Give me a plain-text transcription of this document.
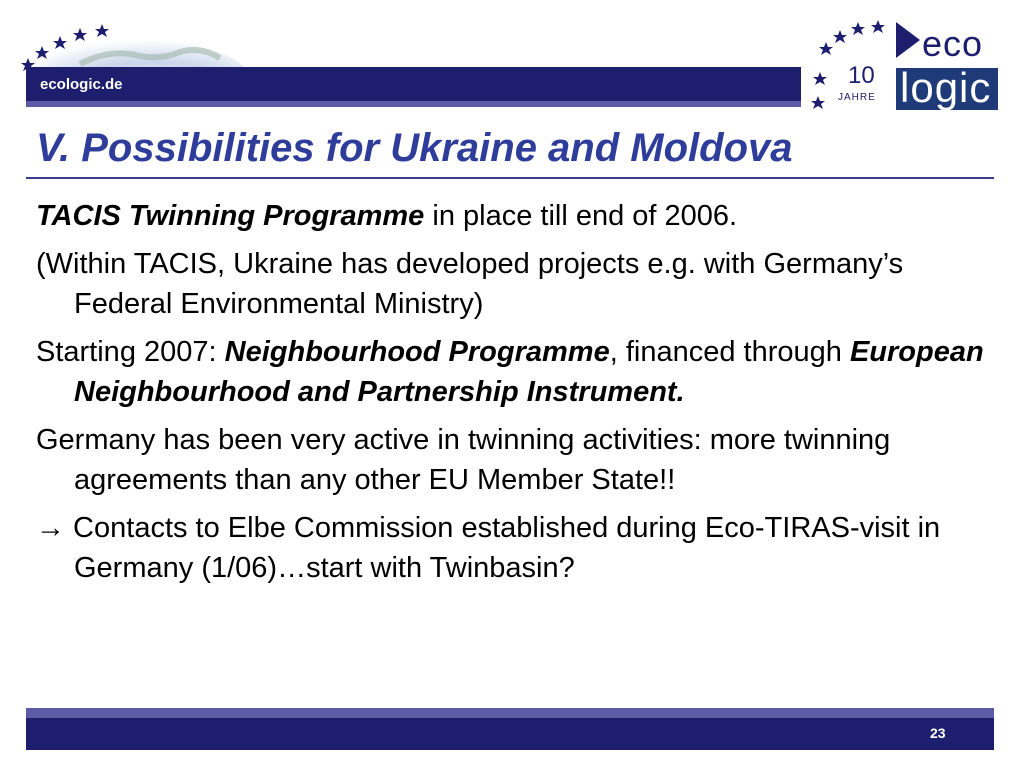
ecologic.de
eco
logic
10
JAHRE
V. Possibilities for Ukraine and Moldova

TACIS Twinning Programme in place till end of 2006.

(Within TACIS, Ukraine has developed projects e.g. with Germany’s Federal Environmental Ministry)

Starting 2007: Neighbourhood Programme, financed through European Neighbourhood and Partnership Instrument.

Germany has been very active in twinning activities: more twinning agreements than any other EU Member State!!

→ Contacts to Elbe Commission established during Eco-TIRAS-visit in Germany (1/06)…start with Twinbasin?

23
